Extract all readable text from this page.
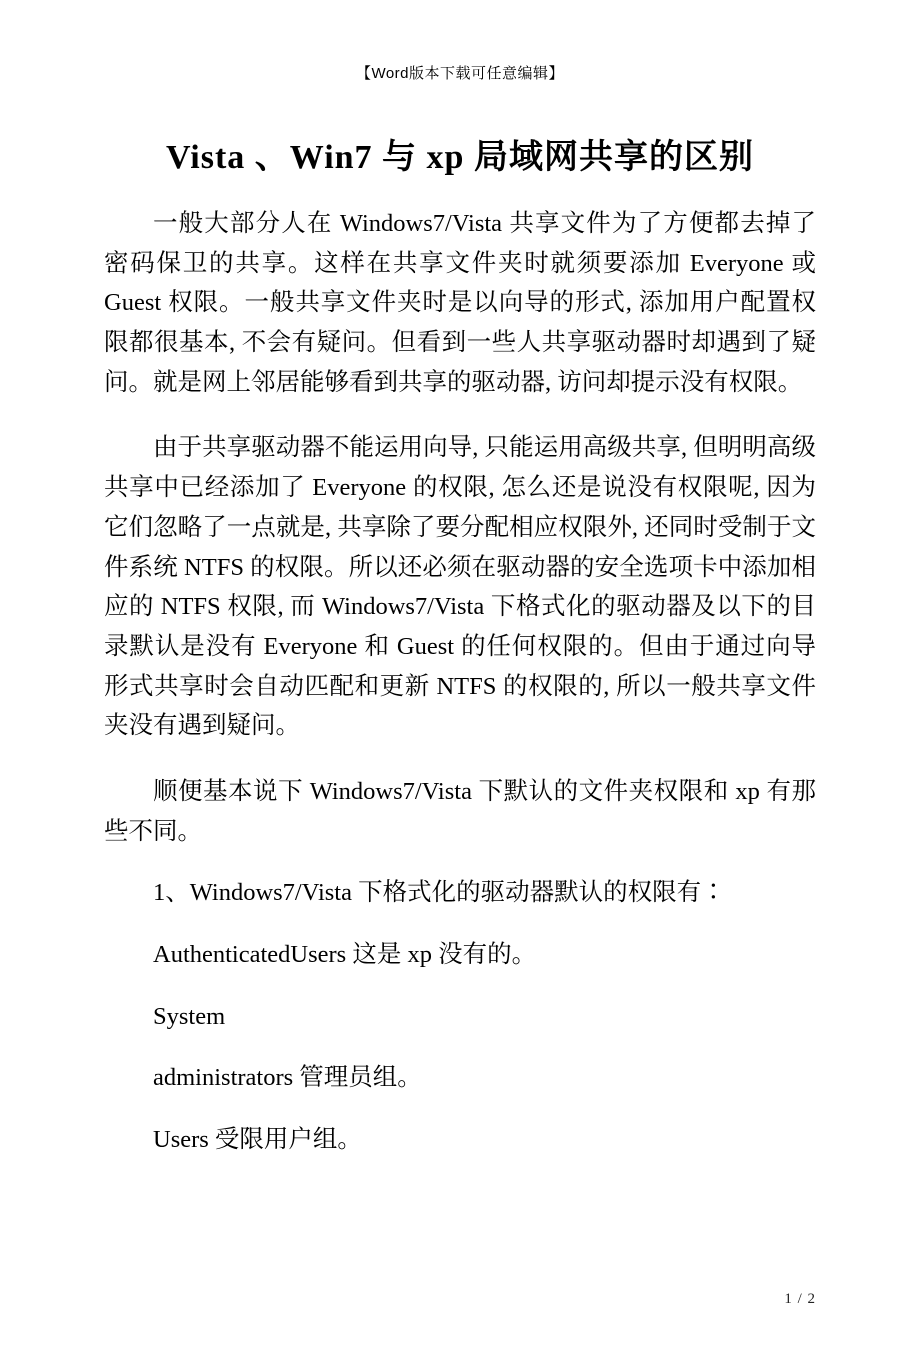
【Word版本下载可任意编辑】
Vista 、Win7 与 xp 局域网共享的区别

一般大部分人在 Windows7/Vista 共享文件为了方便都去掉了密码保卫的共享。这样在共享文件夹时就须要添加 Everyone 或 Guest 权限。一般共享文件夹时是以向导的形式, 添加用户配置权限都很基本, 不会有疑问。但看到一些人共享驱动器时却遇到了疑问。就是网上邻居能够看到共享的驱动器, 访问却提示没有权限。

由于共享驱动器不能运用向导, 只能运用高级共享, 但明明高级共享中已经添加了 Everyone 的权限, 怎么还是说没有权限呢, 因为它们忽略了一点就是, 共享除了要分配相应权限外, 还同时受制于文件系统 NTFS 的权限。所以还必须在驱动器的安全选项卡中添加相应的 NTFS 权限, 而 Windows7/Vista 下格式化的驱动器及以下的目录默认是没有 Everyone 和 Guest 的任何权限的。但由于通过向导形式共享时会自动匹配和更新 NTFS 的权限的, 所以一般共享文件夹没有遇到疑问。

顺便基本说下 Windows7/Vista 下默认的文件夹权限和 xp 有那些不同。

1、Windows7/Vista 下格式化的驱动器默认的权限有∶

AuthenticatedUsers 这是 xp 没有的。

System

administrators 管理员组。

Users 受限用户组。

1 / 2
